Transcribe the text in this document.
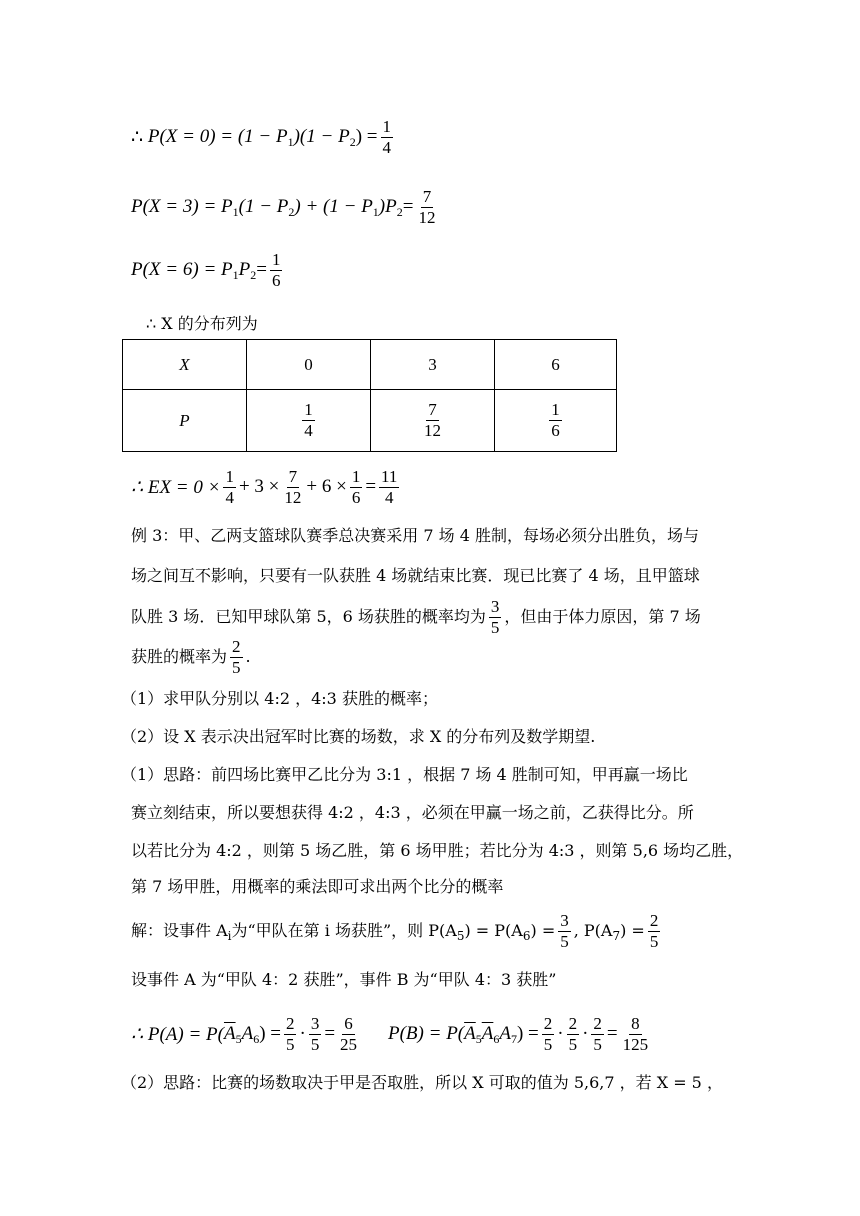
∴
P(X = 0) = (1 − P 1 )(1 − P 2 ) = $\frac{1}{4}$
P(X = 3) = P 1 (1 − P 2 ) + (1 − P 1 )P $2 = \frac{7}{12}$
P(X = 6) = P 1 P $2 = \frac{1}{6}$
∴ X 的分布列为
X	0	3	6
P	$\frac{1}{4}$	$\frac{7}{12}$	$\frac{1}{6}$
∴ EX = $0 \times \frac{1}{4} + 3 \times \frac{7}{12} + 6 \times \frac{1}{6} = \frac{11}{4}$
例 3：甲、乙两支篮球队赛季总决赛采用 7 场 4 胜制，每场必须分出胜负，场与
场之间互不影响，只要有一队获胜 4 场就结束比赛．现已比赛了 4 场，且甲篮球
队胜 3 场．已知甲球队第 5，6 场获胜的概率均为 $\frac{3}{5}$ ，但由于体力原因，第 7 场
获胜的概率为 $\frac{2}{5}$ .
（1）求甲队分别以 4:2 ，4:3 获胜的概率；
（2）设 X 表示决出冠军时比赛的场数，求 X 的分布列及数学期望.
（1）思路：前四场比赛甲乙比分为 3:1 ，根据 7 场 4 胜制可知，甲再赢一场比
赛立刻结束，所以要想获得 4:2 ，4:3 ，必须在甲赢一场之前，乙获得比分。所
以若比分为 4:2 ，则第 5 场乙胜，第 6 场甲胜；若比分为 4:3 ，则第 5,6 场均乙胜，
第 7 场甲胜，用概率的乘法即可求出两个比分的概率
解：设事件 A i 为“甲队在第 i 场获胜”，则 P(A 5 ) = P(A 6 ) = $\frac{3}{5}$ , P(A 7 ) = $\frac{2}{5}$
设事件 A 为“甲队 4：2 获胜”，事件 B 为“甲队 4：3 获胜”
∴ P(A) = P( $\overline{A}$ 5 A 6 ) = $\frac{2}{5} \cdot \frac{3}{5} = \frac{6}{25} P(B) = P$( $\overline{A}$ 5 $\overline{A}$ 6 A 7 ) = $\frac{2}{5} \cdot \frac{2}{5} \cdot \frac{2}{5} = \frac{8}{125}$
（2）思路：比赛的场数取决于甲是否取胜，所以 X 可取的值为 5,6,7 ，若 X = 5 ，
